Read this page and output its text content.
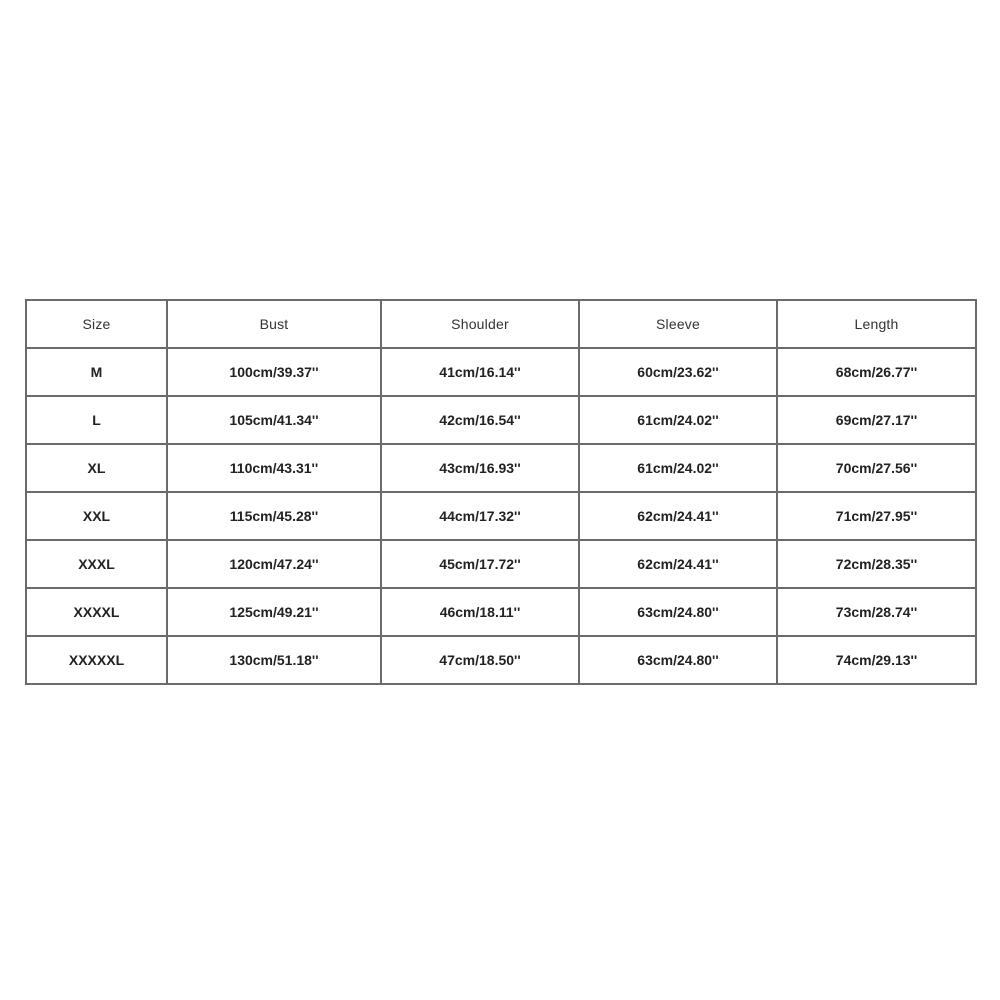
Size	Bust	Shoulder	Sleeve	Length
M	100cm/39.37''	41cm/16.14''	60cm/23.62''	68cm/26.77''
L	105cm/41.34''	42cm/16.54''	61cm/24.02''	69cm/27.17''
XL	110cm/43.31''	43cm/16.93''	61cm/24.02''	70cm/27.56''
XXL	115cm/45.28''	44cm/17.32''	62cm/24.41''	71cm/27.95''
XXXL	120cm/47.24''	45cm/17.72''	62cm/24.41''	72cm/28.35''
XXXXL	125cm/49.21''	46cm/18.11''	63cm/24.80''	73cm/28.74''
XXXXXL	130cm/51.18''	47cm/18.50''	63cm/24.80''	74cm/29.13''
